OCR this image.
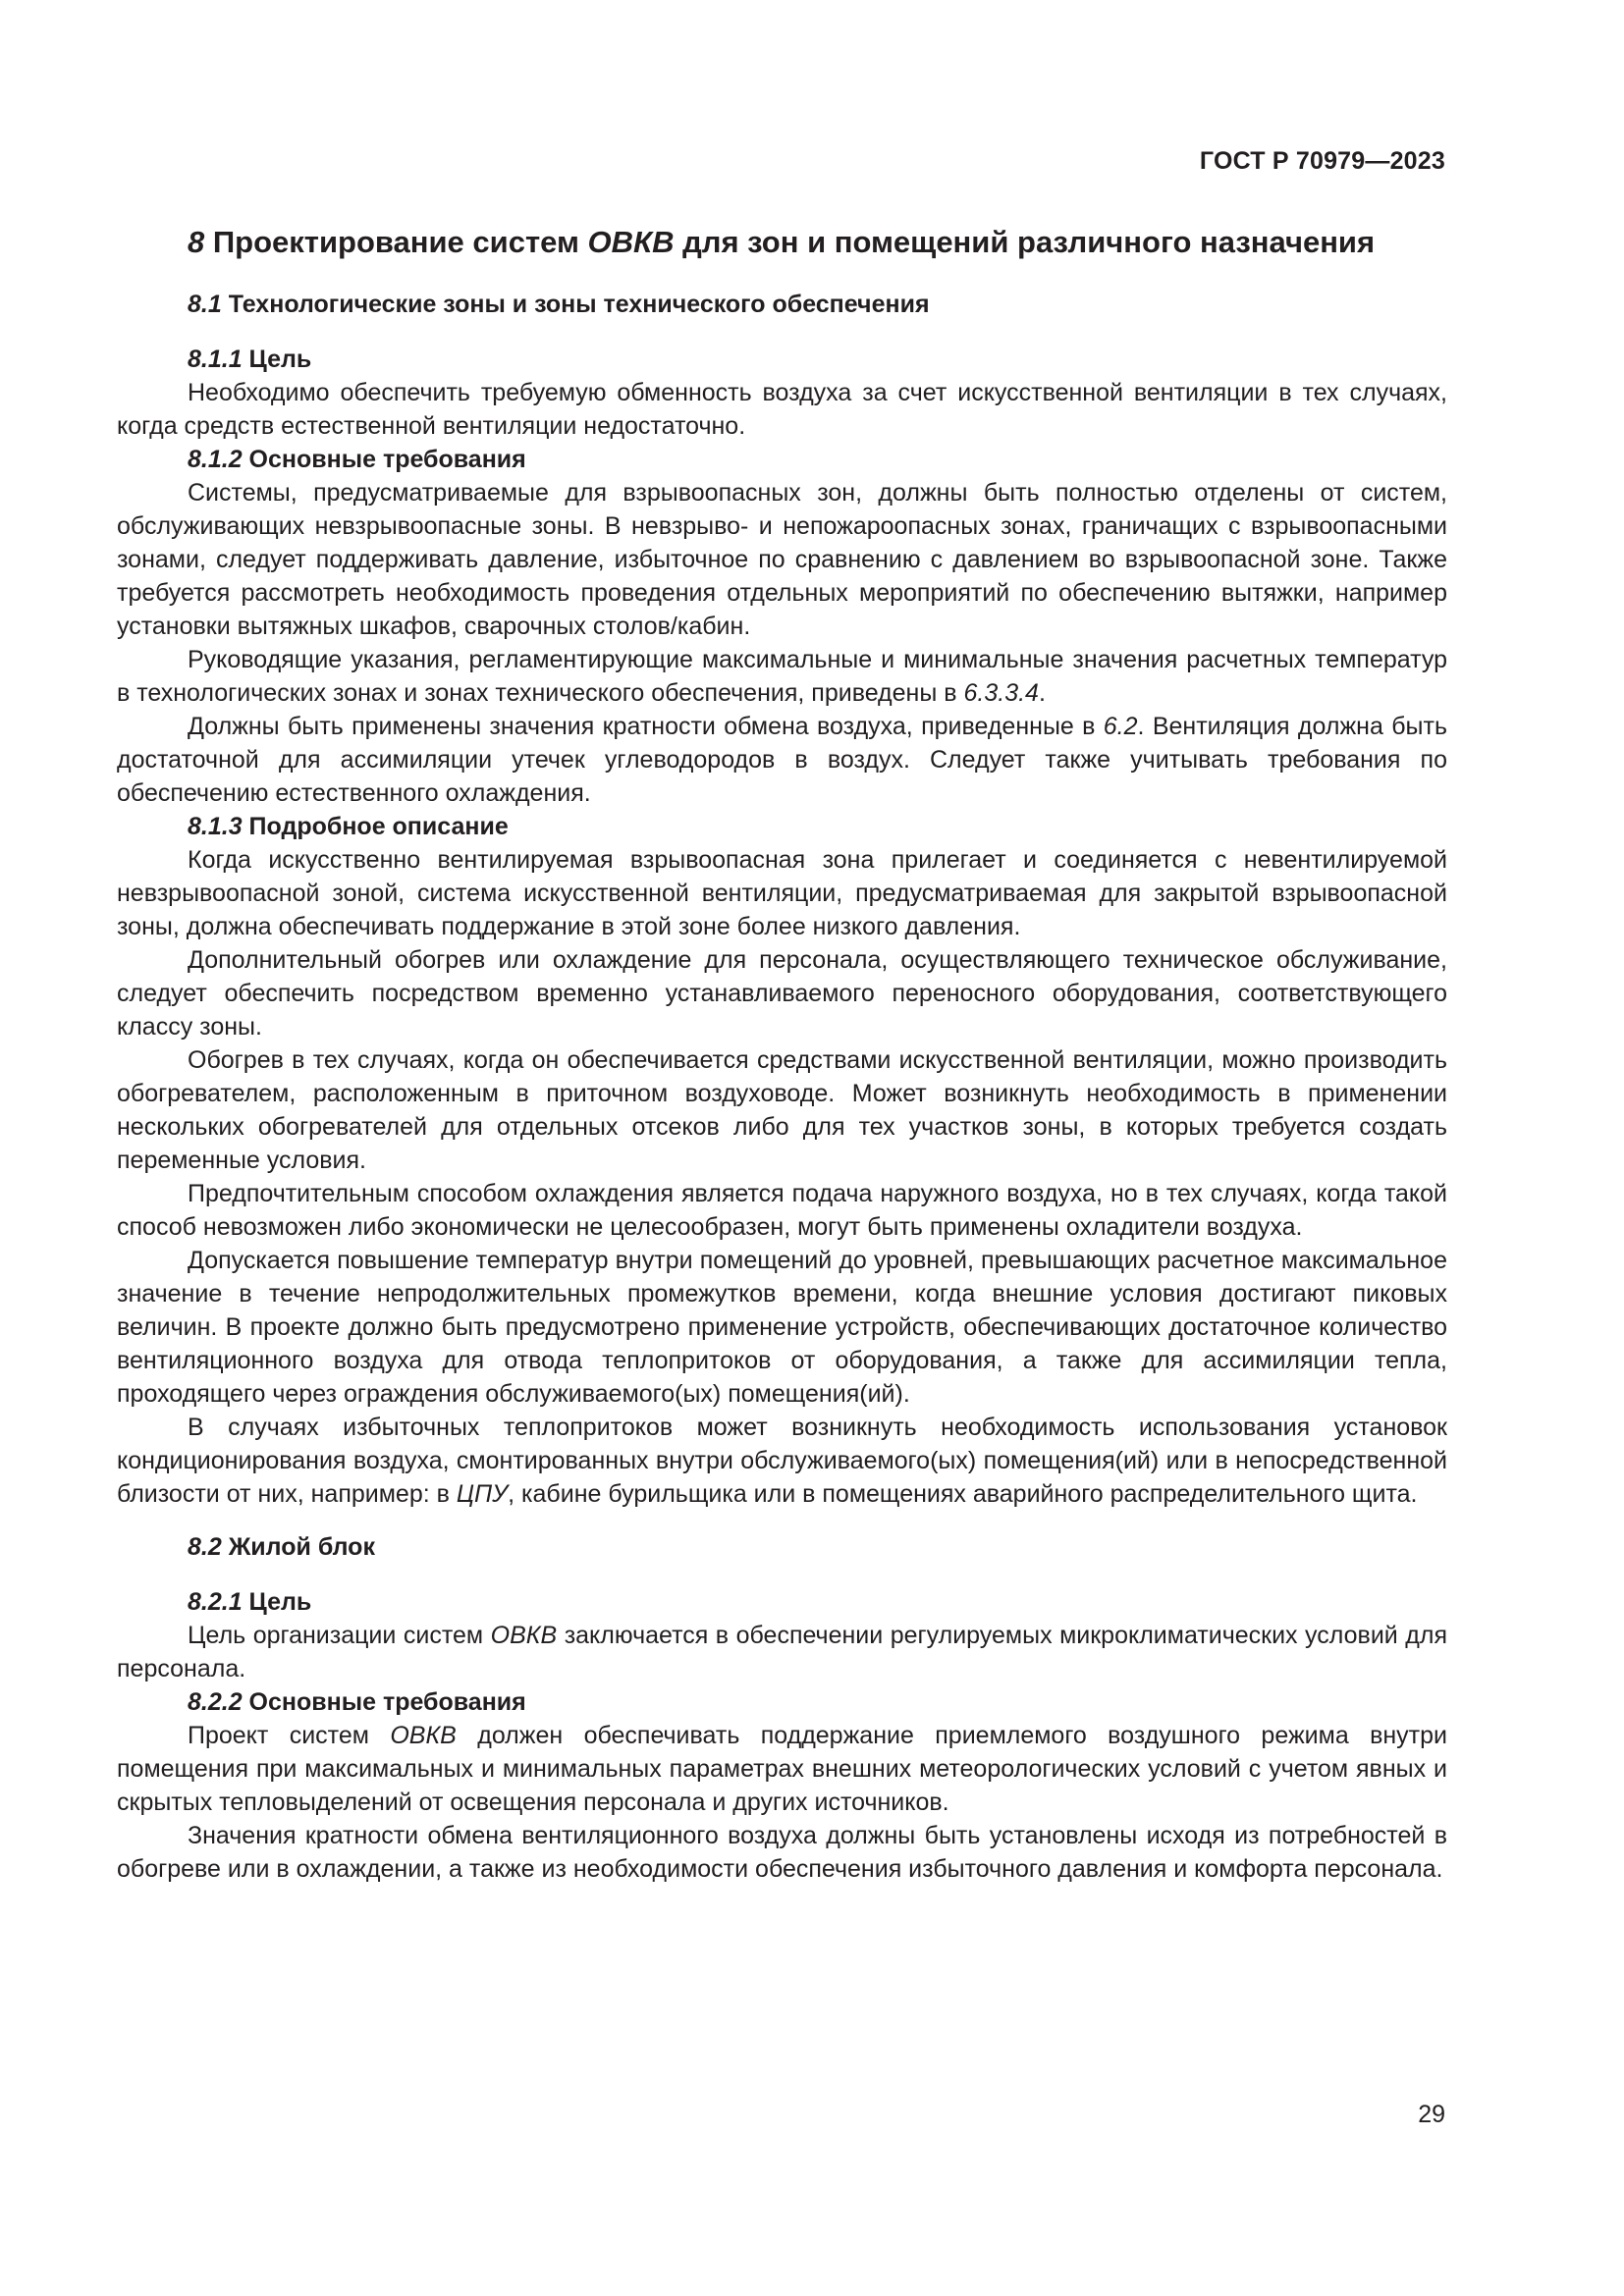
ГОСТ Р 70979—2023
8 Проектирование систем ОВКВ для зон и помещений различного назначения
8.1 Технологические зоны и зоны технического обеспечения
8.1.1 Цель

Необходимо обеспечить требуемую обменность воздуха за счет искусственной вентиляции в тех случаях, когда средств естественной вентиляции недостаточно.

8.1.2 Основные требования

Системы, предусматриваемые для взрывоопасных зон, должны быть полностью отделены от систем, обслуживающих невзрывоопасные зоны. В невзрыво- и непожароопасных зонах, граничащих с взрывоопасными зонами, следует поддерживать давление, избыточное по сравнению с давлением во взрывоопасной зоне. Также требуется рассмотреть необходимость проведения отдельных мероприятий по обеспечению вытяжки, например установки вытяжных шкафов, сварочных столов/кабин.

Руководящие указания, регламентирующие максимальные и минимальные значения расчетных температур в технологических зонах и зонах технического обеспечения, приведены в 6.3.3.4.

Должны быть применены значения кратности обмена воздуха, приведенные в 6.2. Вентиляция должна быть достаточной для ассимиляции утечек углеводородов в воздух. Следует также учитывать требования по обеспечению естественного охлаждения.

8.1.3 Подробное описание

Когда искусственно вентилируемая взрывоопасная зона прилегает и соединяется с невентилируемой невзрывоопасной зоной, система искусственной вентиляции, предусматриваемая для закрытой взрывоопасной зоны, должна обеспечивать поддержание в этой зоне более низкого давления.

Дополнительный обогрев или охлаждение для персонала, осуществляющего техническое обслуживание, следует обеспечить посредством временно устанавливаемого переносного оборудования, соответствующего классу зоны.

Обогрев в тех случаях, когда он обеспечивается средствами искусственной вентиляции, можно производить обогревателем, расположенным в приточном воздуховоде. Может возникнуть необходимость в применении нескольких обогревателей для отдельных отсеков либо для тех участков зоны, в которых требуется создать переменные условия.

Предпочтительным способом охлаждения является подача наружного воздуха, но в тех случаях, когда такой способ невозможен либо экономически не целесообразен, могут быть применены охладители воздуха.

Допускается повышение температур внутри помещений до уровней, превышающих расчетное максимальное значение в течение непродолжительных промежутков времени, когда внешние условия достигают пиковых величин. В проекте должно быть предусмотрено применение устройств, обеспечивающих достаточное количество вентиляционного воздуха для отвода теплопритоков от оборудования, а также для ассимиляции тепла, проходящего через ограждения обслуживаемого(ых) помещения(ий).

В случаях избыточных теплопритоков может возникнуть необходимость использования установок кондиционирования воздуха, смонтированных внутри обслуживаемого(ых) помещения(ий) или в непосредственной близости от них, например: в ЦПУ, кабине бурильщика или в помещениях аварийного распределительного щита.

8.2 Жилой блок
8.2.1 Цель

Цель организации систем ОВКВ заключается в обеспечении регулируемых микроклиматических условий для персонала.

8.2.2 Основные требования

Проект систем ОВКВ должен обеспечивать поддержание приемлемого воздушного режима внутри помещения при максимальных и минимальных параметрах внешних метеорологических условий с учетом явных и скрытых тепловыделений от освещения персонала и других источников.

Значения кратности обмена вентиляционного воздуха должны быть установлены исходя из потребностей в обогреве или в охлаждении, а также из необходимости обеспечения избыточного давления и комфорта персонала.

29
